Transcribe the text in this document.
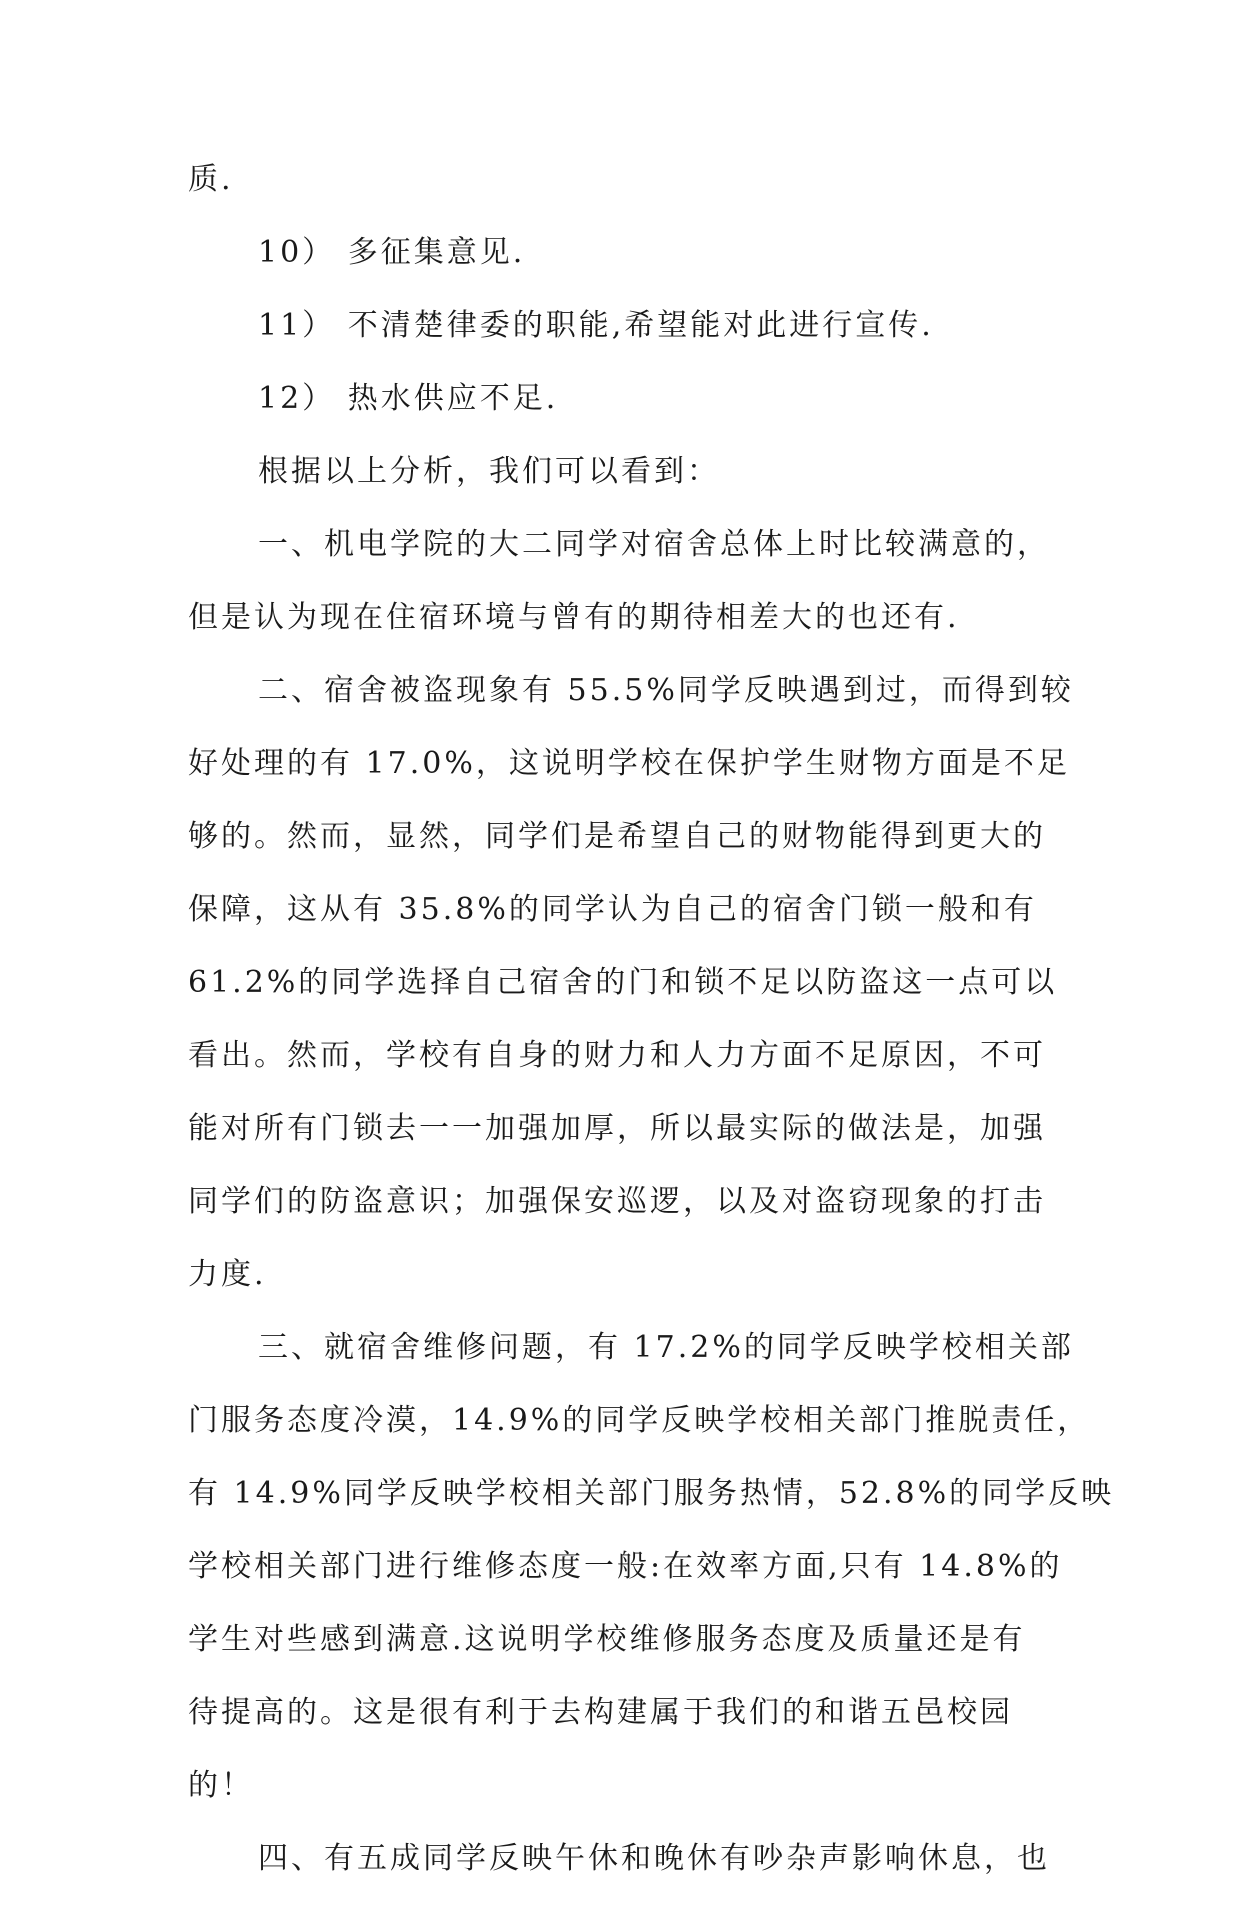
质.
10） 多征集意见.
11） 不清楚律委的职能,希望能对此进行宣传.
12） 热水供应不足.
根据以上分析，我们可以看到：
一、机电学院的大二同学对宿舍总体上时比较满意的，
但是认为现在住宿环境与曾有的期待相差大的也还有.
二、宿舍被盗现象有 55.5%同学反映遇到过，而得到较
好处理的有 17.0%，这说明学校在保护学生财物方面是不足
够的。然而，显然，同学们是希望自己的财物能得到更大的
保障，这从有 35.8%的同学认为自己的宿舍门锁一般和有
61.2%的同学选择自己宿舍的门和锁不足以防盗这一点可以
看出。然而，学校有自身的财力和人力方面不足原因，不可
能对所有门锁去一一加强加厚，所以最实际的做法是，加强
同学们的防盗意识；加强保安巡逻，以及对盗窃现象的打击
力度.
三、就宿舍维修问题，有 17.2%的同学反映学校相关部
门服务态度冷漠，14.9%的同学反映学校相关部门推脱责任，
有 14.9%同学反映学校相关部门服务热情，52.8%的同学反映
学校相关部门进行维修态度一般:在效率方面,只有 14.8%的
学生对些感到满意.这说明学校维修服务态度及质量还是有
待提高的。这是很有利于去构建属于我们的和谐五邑校园
的！
四、有五成同学反映午休和晚休有吵杂声影响休息，也
